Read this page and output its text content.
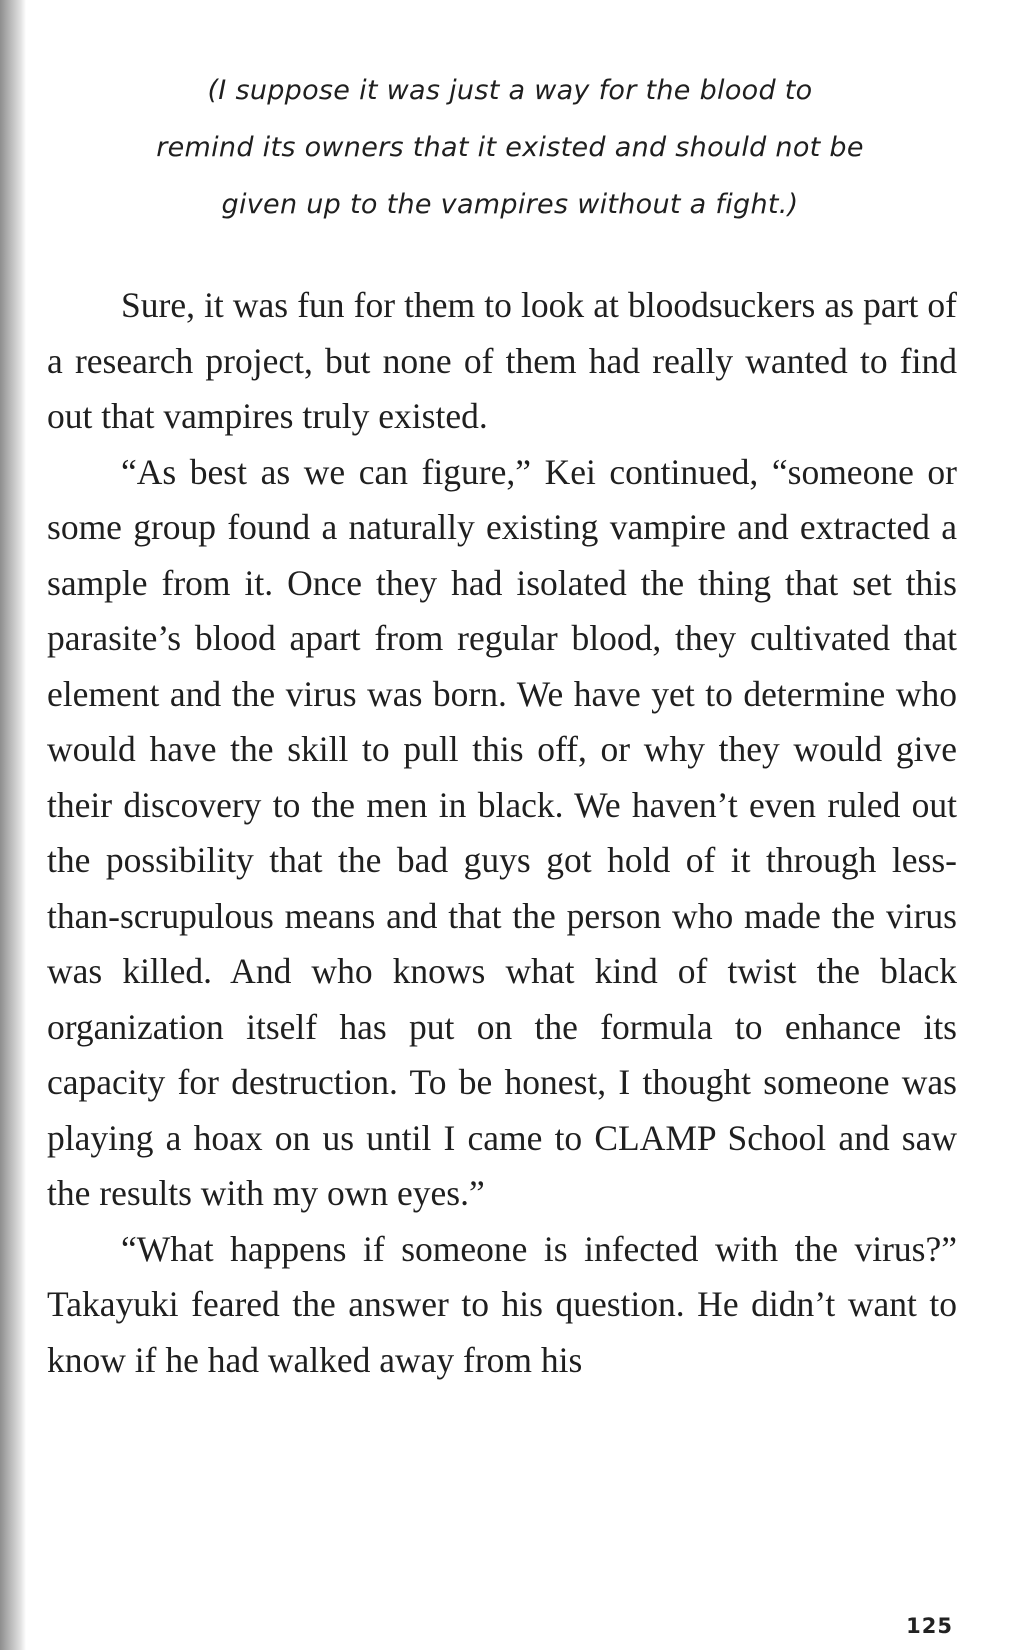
(I suppose it was just a way for the blood to

remind its owners that it existed and should not be

given up to the vampires without a fight.)

Sure, it was fun for them to look at bloodsuckers as part of a research project, but none of them had really wanted to find out that vampires truly existed.

“As best as we can figure,” Kei continued, “someone or some group found a naturally existing vampire and extracted a sample from it. Once they had isolated the thing that set this parasite’s blood apart from regular blood, they cultivated that element and the virus was born. We have yet to determine who would have the skill to pull this off, or why they would give their discovery to the men in black. We haven’t even ruled out the possibility that the bad guys got hold of it through less-than-scrupulous means and that the person who made the virus was killed. And who knows what kind of twist the black organization itself has put on the formula to enhance its capacity for destruction. To be honest, I thought someone was playing a hoax on us until I came to CLAMP School and saw the results with my own eyes.”

“What happens if someone is infected with the virus?” Takayuki feared the answer to his question. He didn’t want to know if he had walked away from his

125
